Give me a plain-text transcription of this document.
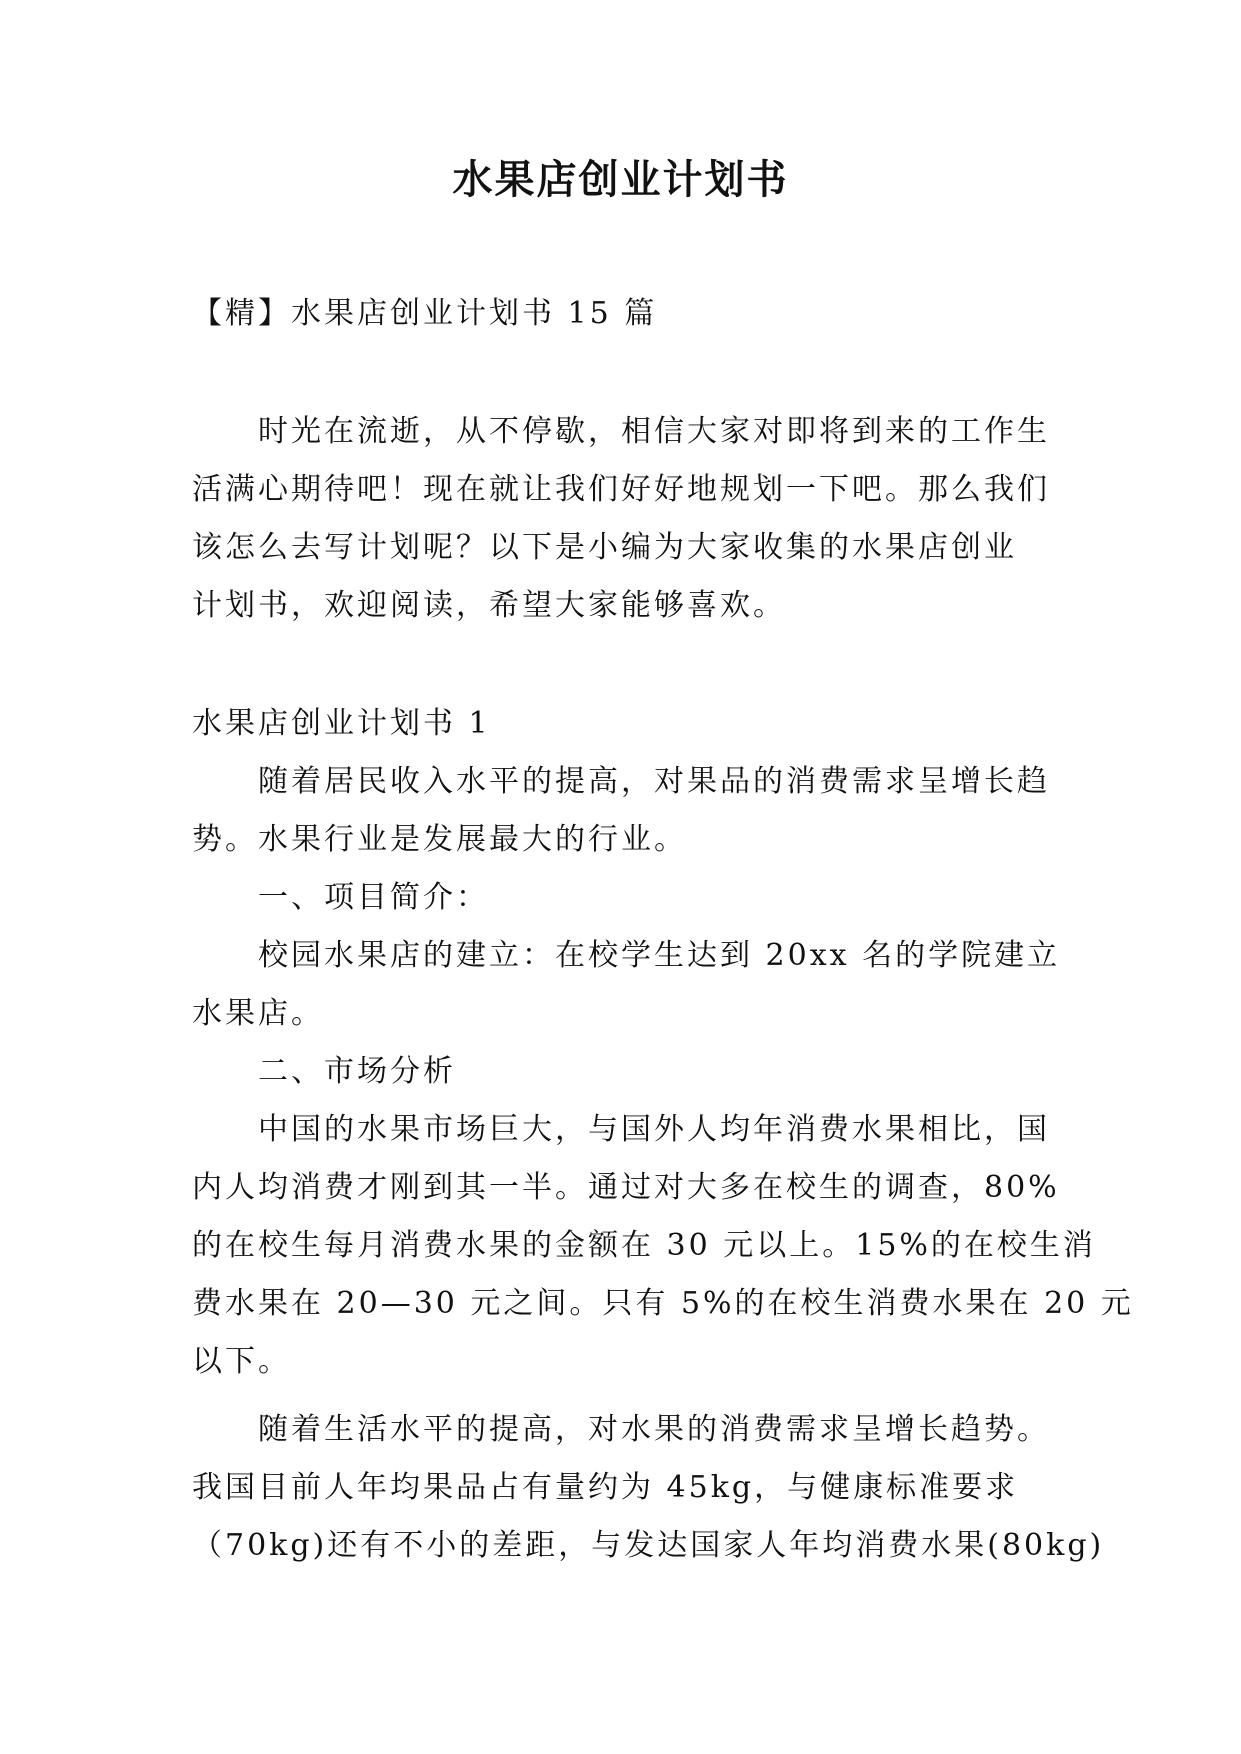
水果店创业计划书
【精】水果店创业计划书 15 篇
时光在流逝，从不停歇，相信大家对即将到来的工作生
活满心期待吧！现在就让我们好好地规划一下吧。那么我们
该怎么去写计划呢？以下是小编为大家收集的水果店创业
计划书，欢迎阅读，希望大家能够喜欢。
水果店创业计划书 1
随着居民收入水平的提高，对果品的消费需求呈增长趋
势。水果行业是发展最大的行业。
一、项目简介：
校园水果店的建立：在校学生达到 20xx 名的学院建立
水果店。
二、市场分析
中国的水果市场巨大，与国外人均年消费水果相比，国
内人均消费才刚到其一半。通过对大多在校生的调查，80%
的在校生每月消费水果的金额在 30 元以上。15%的在校生消
费水果在 20—30 元之间。只有 5%的在校生消费水果在 20 元
以下。
随着生活水平的提高，对水果的消费需求呈增长趋势。
我国目前人年均果品占有量约为 45kg，与健康标准要求
（70kg)还有不小的差距，与发达国家人年均消费水果(80kg)
